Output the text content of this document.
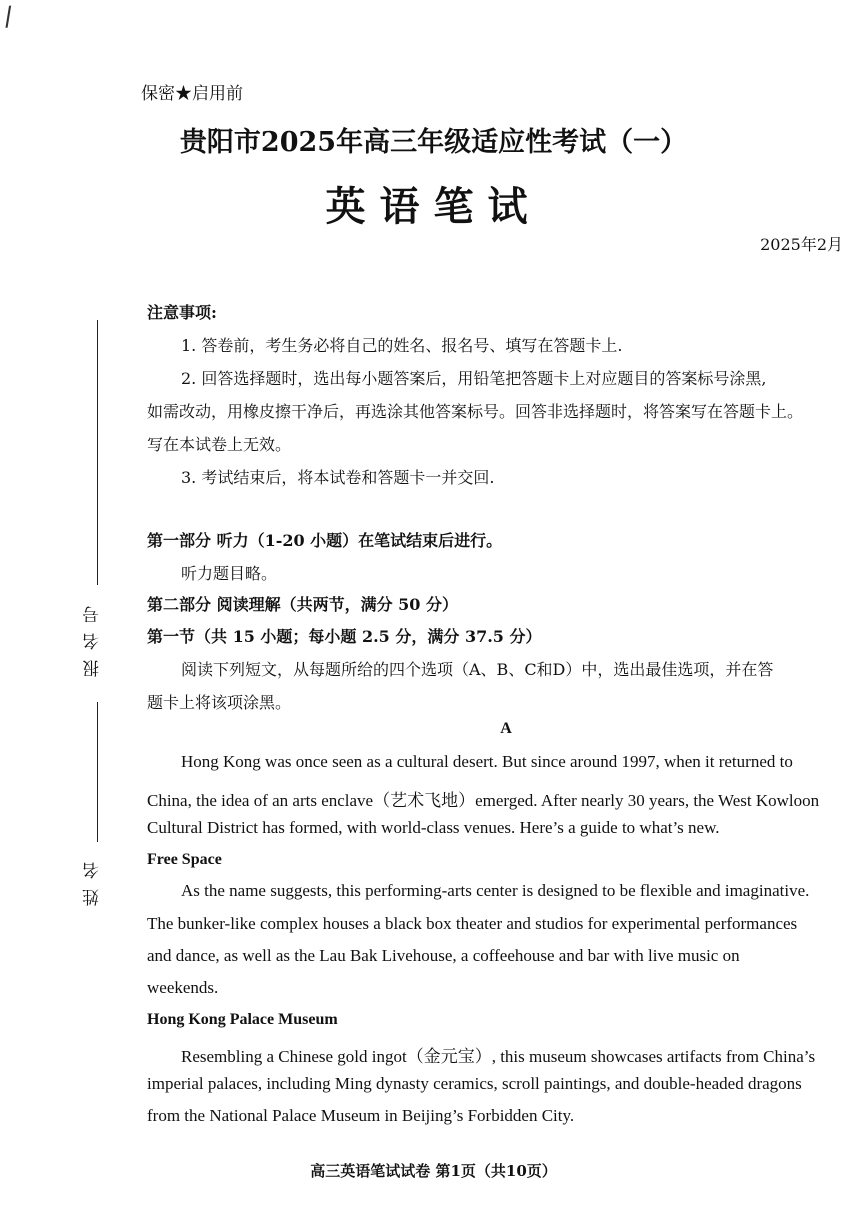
/
保密★启用前
贵阳市2025年高三年级适应性考试（一）
英语笔试
2025年2月
报名号
姓名
注意事项:
1. 答卷前，考生务必将自己的姓名、报名号、填写在答题卡上.
2. 回答选择题时，选出每小题答案后，用铅笔把答题卡上对应题目的答案标号涂黑,
如需改动，用橡皮擦干净后，再选涂其他答案标号。回答非选择题时，将答案写在答题卡上。
写在本试卷上无效。
3. 考试结束后，将本试卷和答题卡一并交回.
第一部分 听力（1-20 小题）在笔试结束后进行。
听力题目略。
第二部分 阅读理解（共两节，满分 50 分）
第一节（共 15 小题；每小题 2.5 分，满分 37.5 分）
阅读下列短文，从每题所给的四个选项（A、B、C和D）中，选出最佳选项，并在答
题卡上将该项涂黑。
A
Hong Kong was once seen as a cultural desert. But since around 1997, when it returned to
China, the idea of an arts enclave（艺术飞地）emerged. After nearly 30 years, the West Kowloon
Cultural District has formed, with world-class venues. Here’s a guide to what’s new.
Free Space
As the name suggests, this performing-arts center is designed to be flexible and imaginative.
The bunker-like complex houses a black box theater and studios for experimental performances
and dance, as well as the Lau Bak Livehouse, a coffeehouse and bar with live music on
weekends.
Hong Kong Palace Museum
Resembling a Chinese gold ingot（金元宝）, this museum showcases artifacts from China’s
imperial palaces, including Ming dynasty ceramics, scroll paintings, and double-headed dragons
from the National Palace Museum in Beijing’s Forbidden City.
高三英语笔试试卷 第1页（共10页）
